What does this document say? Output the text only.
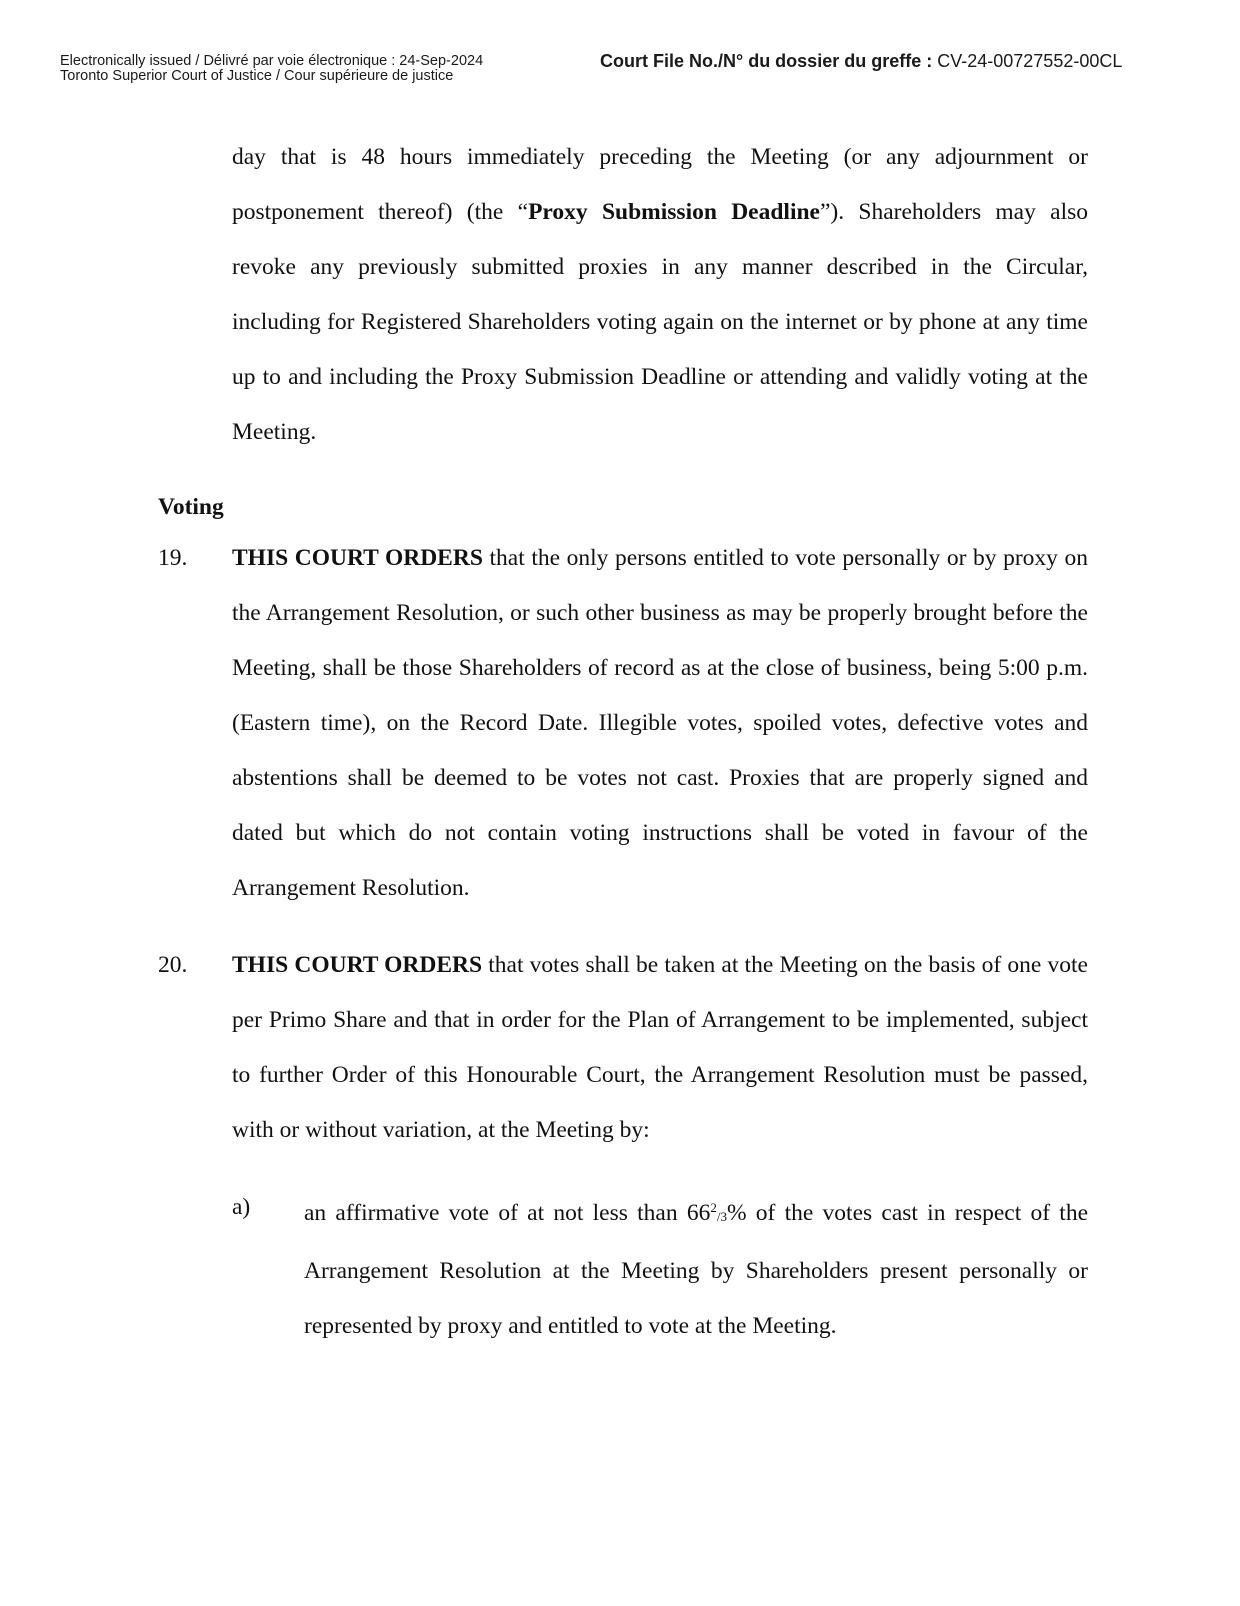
Electronically issued / Délivré par voie électronique : 24-Sep-2024
Toronto Superior Court of Justice / Cour supérieure de justice
Court File No./N° du dossier du greffe : CV-24-00727552-00CL

day that is 48 hours immediately preceding the Meeting (or any adjournment or postponement thereof) (the “Proxy Submission Deadline”). Shareholders may also revoke any previously submitted proxies in any manner described in the Circular, including for Registered Shareholders voting again on the internet or by phone at any time up to and including the Proxy Submission Deadline or attending and validly voting at the Meeting.

Voting

19. THIS COURT ORDERS that the only persons entitled to vote personally or by proxy on the Arrangement Resolution, or such other business as may be properly brought before the Meeting, shall be those Shareholders of record as at the close of business, being 5:00 p.m. (Eastern time), on the Record Date. Illegible votes, spoiled votes, defective votes and abstentions shall be deemed to be votes not cast. Proxies that are properly signed and dated but which do not contain voting instructions shall be voted in favour of the Arrangement Resolution.

20. THIS COURT ORDERS that votes shall be taken at the Meeting on the basis of one vote per Primo Share and that in order for the Plan of Arrangement to be implemented, subject to further Order of this Honourable Court, the Arrangement Resolution must be passed, with or without variation, at the Meeting by:

a) an affirmative vote of at not less than $66^2/3\%$ of the votes cast in respect of the Arrangement Resolution at the Meeting by Shareholders present personally or represented by proxy and entitled to vote at the Meeting.
